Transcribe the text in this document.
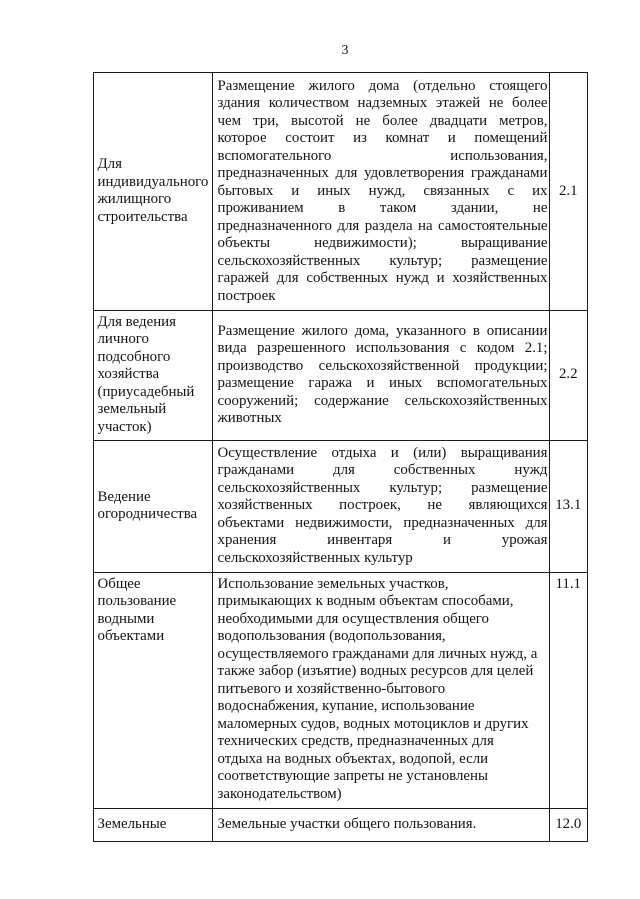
3
Для
индивидуального
жилищного
строительства
Размещение жилого дома (отдельно стоящего
здания количеством надземных этажей не более
чем три, высотой не более двадцати метров,
которое состоит из комнат и помещений
вспомогательного использования,
предназначенных для удовлетворения гражданами
бытовых и иных нужд, связанных с их
проживанием в таком здании, не
предназначенного для раздела на самостоятельные
объекты недвижимости); выращивание
сельскохозяйственных культур; размещение
гаражей для собственных нужд и хозяйственных
построек
2.1
Для ведения
личного
подсобного
хозяйства
(приусадебный
земельный
участок)
Размещение жилого дома, указанного в описании
вида разрешенного использования с кодом 2.1;
производство сельскохозяйственной продукции;
размещение гаража и иных вспомогательных
сооружений; содержание сельскохозяйственных
животных
2.2
Ведение
огородничества
Осуществление отдыха и (или) выращивания
гражданами для собственных нужд
сельскохозяйственных культур; размещение
хозяйственных построек, не являющихся
объектами недвижимости, предназначенных для
хранения инвентаря и урожая
сельскохозяйственных культур
13.1
Общее
пользование
водными
объектами
Использование земельных участков,
примыкающих к водным объектам способами,
необходимыми для осуществления общего
водопользования (водопользования,
осуществляемого гражданами для личных нужд, а
также забор (изъятие) водных ресурсов для целей
питьевого и хозяйственно-бытового
водоснабжения, купание, использование
маломерных судов, водных мотоциклов и других
технических средств, предназначенных для
отдыха на водных объектах, водопой, если
соответствующие запреты не установлены
законодательством)
11.1
Земельные	Земельные участки общего пользования.	12.0
